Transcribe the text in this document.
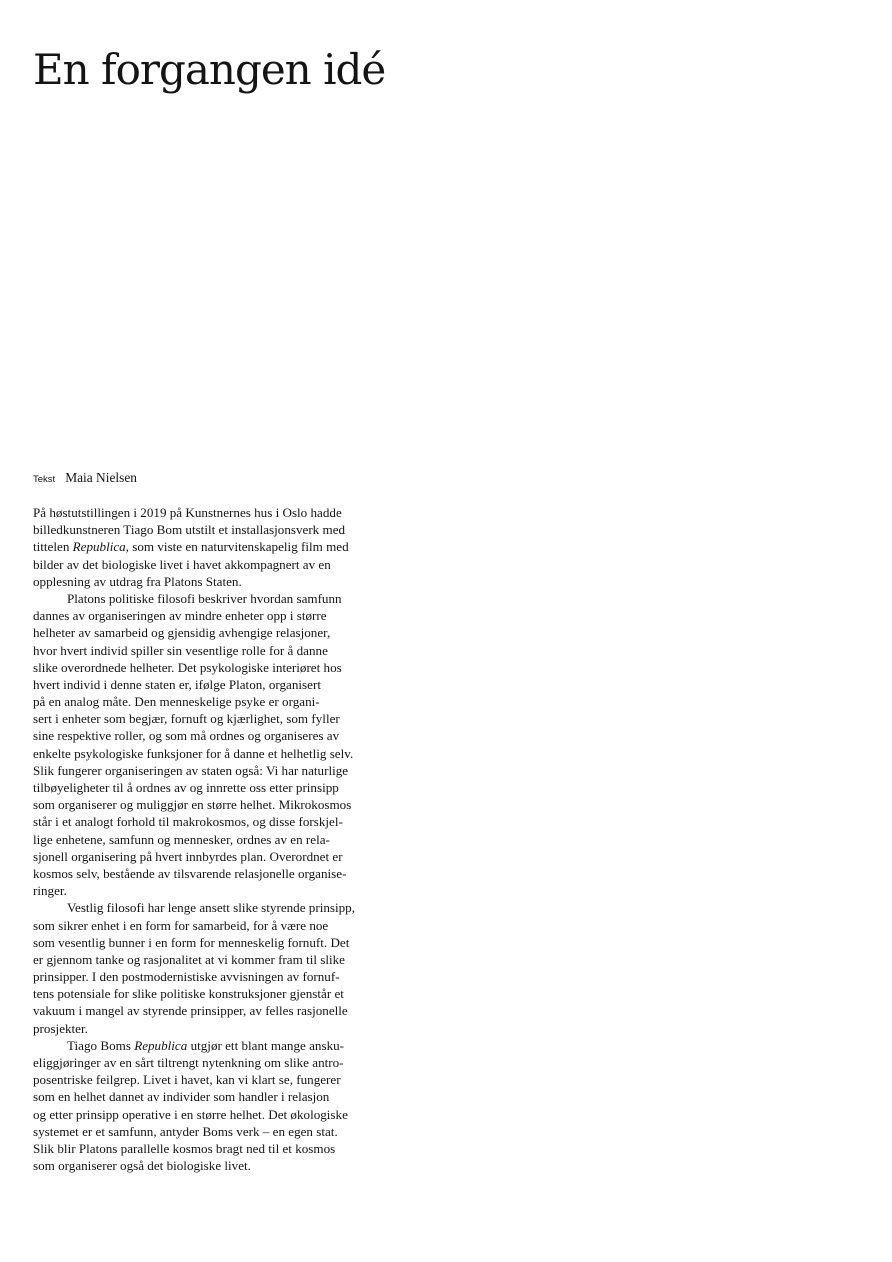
En forgangen idé
Tekst Maia Nielsen
På høstutstillingen i 2019 på Kunstnernes hus i Oslo hadde
billedkunstneren Tiago Bom utstilt et installasjonsverk med
tittelen Republica, som viste en naturvitenskapelig film med
bilder av det biologiske livet i havet akkompagnert av en
opplesning av utdrag fra Platons Staten.
Platons politiske filosofi beskriver hvordan samfunn
dannes av organiseringen av mindre enheter opp i større
helheter av samarbeid og gjensidig avhengige relasjoner,
hvor hvert individ spiller sin vesentlige rolle for å danne
slike overordnede helheter. Det psykologiske interiøret hos
hvert individ i denne staten er, ifølge Platon, organisert
på en analog måte. Den menneskelige psyke er organi-
sert i enheter som begjær, fornuft og kjærlighet, som fyller
sine respektive roller, og som må ordnes og organiseres av
enkelte psykologiske funksjoner for å danne et helhetlig selv.
Slik fungerer organiseringen av staten også: Vi har naturlige
tilbøyeligheter til å ordnes av og innrette oss etter prinsipp
som organiserer og muliggjør en større helhet. Mikrokosmos
står i et analogt forhold til makrokosmos, og disse forskjel-
lige enhetene, samfunn og mennesker, ordnes av en rela-
sjonell organisering på hvert innbyrdes plan. Overordnet er
kosmos selv, bestående av tilsvarende relasjonelle organise-
ringer.
Vestlig filosofi har lenge ansett slike styrende prinsipp,
som sikrer enhet i en form for samarbeid, for å være noe
som vesentlig bunner i en form for menneskelig fornuft. Det
er gjennom tanke og rasjonalitet at vi kommer fram til slike
prinsipper. I den postmodernistiske avvisningen av fornuf-
tens potensiale for slike politiske konstruksjoner gjenstår et
vakuum i mangel av styrende prinsipper, av felles rasjonelle
prosjekter.
Tiago Boms Republica utgjør ett blant mange ansku-
eliggjøringer av en sårt tiltrengt nytenkning om slike antro-
posentriske feilgrep. Livet i havet, kan vi klart se, fungerer
som en helhet dannet av individer som handler i relasjon
og etter prinsipp operative i en større helhet. Det økologiske
systemet er et samfunn, antyder Boms verk – en egen stat.
Slik blir Platons parallelle kosmos bragt ned til et kosmos
som organiserer også det biologiske livet.
